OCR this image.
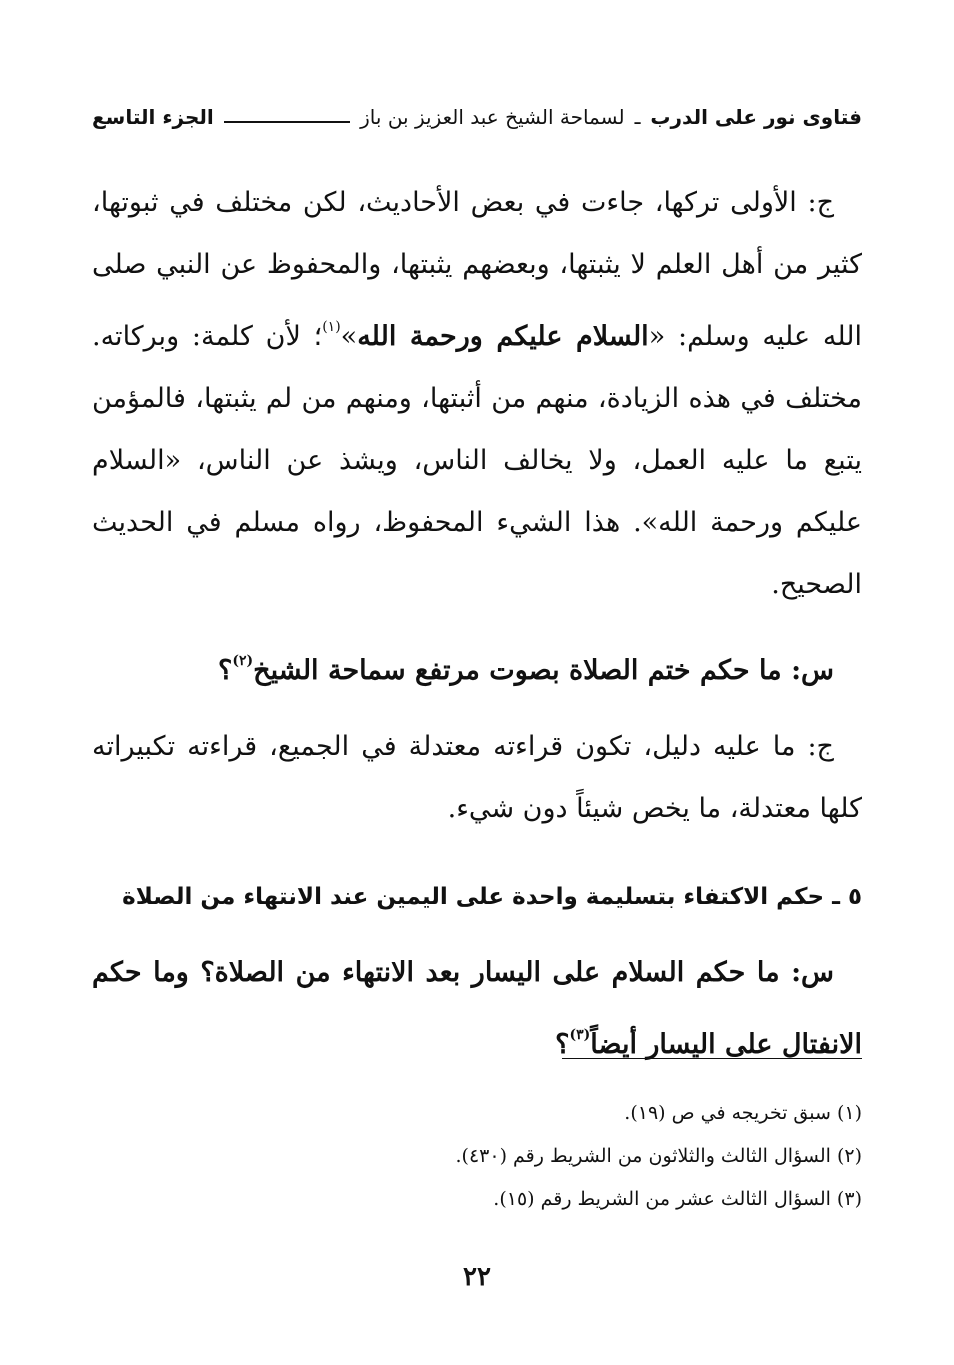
فتاوى نور على الدرب
ـ
لسماحة الشيخ عبد العزيز بن باز
الجزء التاسع

ج: الأولى تركها، جاءت في بعض الأحاديث، لكن مختلف في ثبوتها، كثير من أهل العلم لا يثبتها، وبعضهم يثبتها، والمحفوظ عن النبي صلى الله عليه وسلم: «السلام عليكم ورحمة الله»$^{(١)}$؛ لأن كلمة: وبركاته. مختلف في هذه الزيادة، منهم من أثبتها، ومنهم من لم يثبتها، فالمؤمن يتبع ما عليه العمل، ولا يخالف الناس، ويشذ عن الناس، «السلام عليكم ورحمة الله». هذا الشيء المحفوظ، رواه مسلم في الحديث الصحيح.

س: ما حكم ختم الصلاة بصوت مرتفع سماحة الشيخ$^{(٢)}$؟

ج: ما عليه دليل، تكون قراءته معتدلة في الجميع، قراءته تكبيراته كلها معتدلة، ما يخص شيئاً دون شيء.

٥ ـ حكم الاكتفاء بتسليمة واحدة على اليمين عند الانتهاء من الصلاة

س: ما حكم السلام على اليسار بعد الانتهاء من الصلاة؟ وما حكم الانفتال على اليسار أيضاً$^{(٣)}$؟

(١) سبق تخريجه في ص (١٩).

(٢) السؤال الثالث والثلاثون من الشريط رقم (٤٣٠).

(٣) السؤال الثالث عشر من الشريط رقم (١٥).

٢٢
